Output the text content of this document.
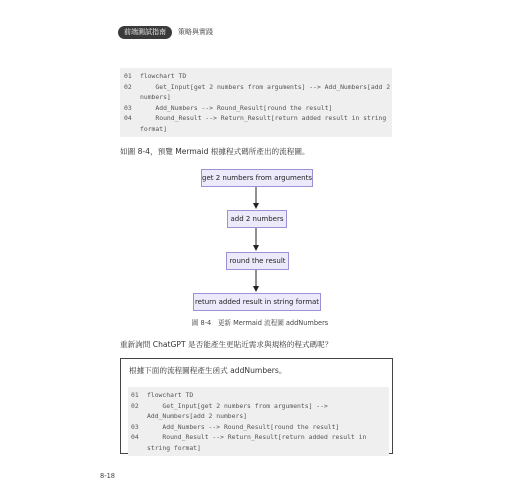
前端測試指南	策略與實踐
01	flowchart TD
02	Get_Input[get 2 numbers from arguments] --> Add_Numbers[add 2 numbers]
03	Add_Numbers --> Round_Result[round the result]
04	Round_Result --> Return_Result[return added result in string format]
如圖 8-4，預覽 Mermaid 根據程式碼所產出的流程圖。
get 2 numbers from arguments
add 2 numbers
round the result
return added result in string format
圖 8-4　更新 Mermaid 流程圖 addNumbers
重新詢問 ChatGPT 是否能產生更貼近需求與規格的程式碼呢？
根據下面的流程圖程產生函式 addNumbers。
01	flowchart TD
02	Get_Input[get 2 numbers from arguments] --> Add_Numbers[add 2 numbers]
03	Add_Numbers --> Round_Result[round the result]
04	Round_Result --> Return_Result[return added result in string format]
8-18
